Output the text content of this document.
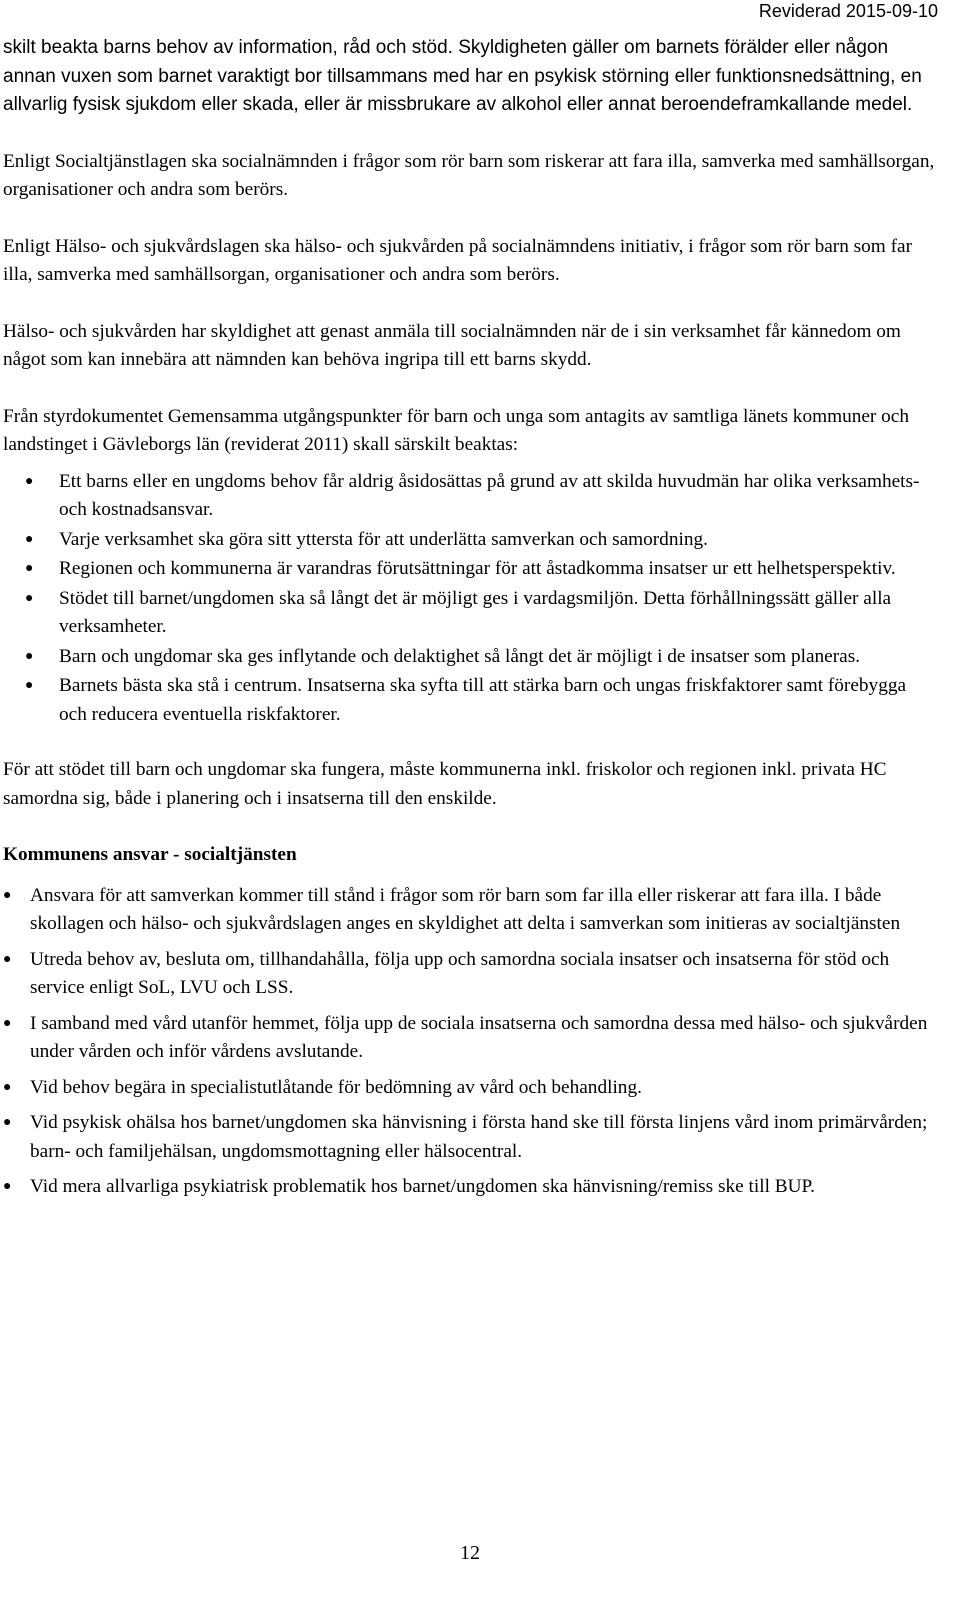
Reviderad 2015-09-10

skilt beakta barns behov av information, råd och stöd. Skyldigheten gäller om barnets förälder eller någon annan vuxen som barnet varaktigt bor tillsammans med har en psykisk störning eller funktionsnedsättning, en allvarlig fysisk sjukdom eller skada, eller är missbrukare av alkohol eller annat beroendeframkallande medel.

Enligt Socialtjänstlagen ska socialnämnden i frågor som rör barn som riskerar att fara illa, samverka med samhällsorgan, organisationer och andra som berörs.

Enligt Hälso- och sjukvårdslagen ska hälso- och sjukvården på socialnämndens initiativ, i frågor som rör barn som far illa, samverka med samhällsorgan, organisationer och andra som berörs.

Hälso- och sjukvården har skyldighet att genast anmäla till socialnämnden när de i sin verksamhet får kännedom om något som kan innebära att nämnden kan behöva ingripa till ett barns skydd.

Från styrdokumentet Gemensamma utgångspunkter för barn och unga som antagits av samtliga länets kommuner och landstinget i Gävleborgs län (reviderat 2011) skall särskilt beaktas:

● Ett barns eller en ungdoms behov får aldrig åsidosättas på grund av att skilda huvudmän har olika verksamhets- och kostnadsansvar.
● Varje verksamhet ska göra sitt yttersta för att underlätta samverkan och samordning.
● Regionen och kommunerna är varandras förutsättningar för att åstadkomma insatser ur ett helhetsperspektiv.
● Stödet till barnet/ungdomen ska så långt det är möjligt ges i vardagsmiljön. Detta förhållningssätt gäller alla verksamheter.
● Barn och ungdomar ska ges inflytande och delaktighet så långt det är möjligt i de insatser som planeras.
● Barnets bästa ska stå i centrum. Insatserna ska syfta till att stärka barn och ungas friskfaktorer samt förebygga och reducera eventuella riskfaktorer.

För att stödet till barn och ungdomar ska fungera, måste kommunerna inkl. friskolor och regionen inkl. privata HC samordna sig, både i planering och i insatserna till den enskilde.

Kommunens ansvar - socialtjänsten
● Ansvara för att samverkan kommer till stånd i frågor som rör barn som far illa eller riskerar att fara illa. I både skollagen och hälso- och sjukvårdslagen anges en skyldighet att delta i samverkan som initieras av socialtjänsten
● Utreda behov av, besluta om, tillhandahålla, följa upp och samordna sociala insatser och insatserna för stöd och service enligt SoL, LVU och LSS.
● I samband med vård utanför hemmet, följa upp de sociala insatserna och samordna dessa med hälso- och sjukvården under vården och inför vårdens avslutande.
● Vid behov begära in specialistutlåtande för bedömning av vård och behandling.
● Vid psykisk ohälsa hos barnet/ungdomen ska hänvisning i första hand ske till första linjens vård inom primärvården; barn- och familjehälsan, ungdomsmottagning eller hälsocentral.
● Vid mera allvarliga psykiatrisk problematik hos barnet/ungdomen ska hänvisning/remiss ske till BUP.
12
